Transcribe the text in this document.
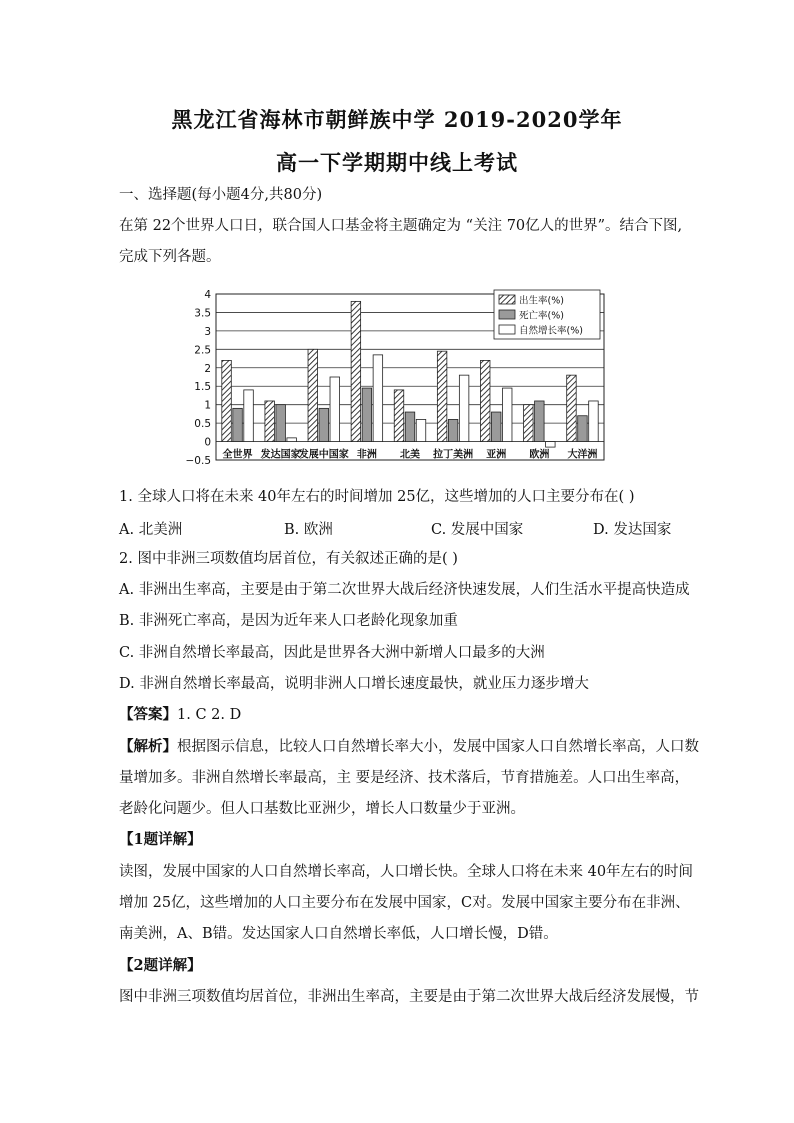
黑龙江省海林市朝鲜族中学 2019-2020学年
高一下学期期中线上考试
一、选择题(每小题4分,共80分)
在第 22个世界人口日，联合国人口基金将主题确定为 “关注 70亿人的世界”。结合下图,
完成下列各题。
4
3.5
3
2.5
2
1.5
1
0.5
0
−0.5 全世界 发达国家
发展中国家 非洲 北美 拉丁美洲 亚洲 欧洲 大洋洲
出生率(%)
死亡率(%)
自然增长率(%)
1. 全球人口将在未来 40年左右的时间增加 25亿，这些增加的人口主要分布在( )
A. 北美洲	B. 欧洲	C. 发展中国家	D. 发达国家
2. 图中非洲三项数值均居首位，有关叙述正确的是( )
A. 非洲出生率高，主要是由于第二次世界大战后经济快速发展，人们生活水平提高快造成
B. 非洲死亡率高，是因为近年来人口老龄化现象加重
C. 非洲自然增长率最高，因此是世界各大洲中新增人口最多的大洲
D. 非洲自然增长率最高，说明非洲人口增长速度最快，就业压力逐步增大
【答案】1. C 2. D
【解析】根据图示信息，比较人口自然增长率大小，发展中国家人口自然增长率高，人口数
量增加多。非洲自然增长率最高，主 要是经济、技术落后，节育措施差。人口出生率高，
老龄化问题少。但人口基数比亚洲少，增长人口数量少于亚洲。
【1题详解】
读图，发展中国家的人口自然增长率高，人口增长快。全球人口将在未来 40年左右的时间
增加 25亿，这些增加的人口主要分布在发展中国家，C对。发展中国家主要分布在非洲、
南美洲，A、B错。发达国家人口自然增长率低，人口增长慢，D错。
【2题详解】
图中非洲三项数值均居首位，非洲出生率高，主要是由于第二次世界大战后经济发展慢，节
